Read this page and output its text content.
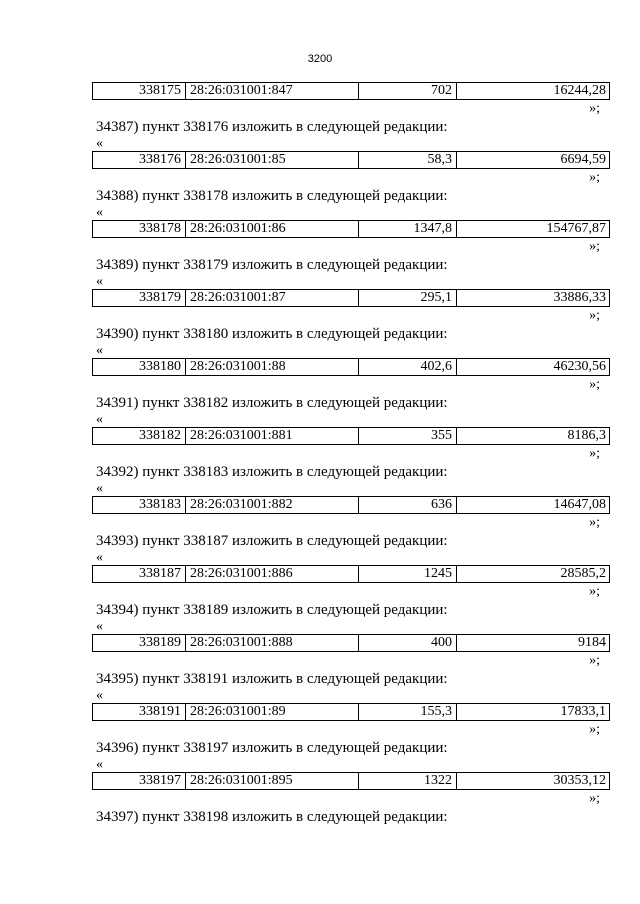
3200
338175 28:26:031001:847	702	16244,28
»;
34387) пункт 338176 изложить в следующей редакции:
«
338176 28:26:031001:85	58,3	6694,59
»;
34388) пункт 338178 изложить в следующей редакции:
«
338178 28:26:031001:86	1347,8	154767,87
»;
34389) пункт 338179 изложить в следующей редакции:
«
338179 28:26:031001:87	295,1	33886,33
»;
34390) пункт 338180 изложить в следующей редакции:
«
338180 28:26:031001:88	402,6	46230,56
»;
34391) пункт 338182 изложить в следующей редакции:
«
338182 28:26:031001:881	355	8186,3
»;
34392) пункт 338183 изложить в следующей редакции:
«
338183 28:26:031001:882	636	14647,08
»;
34393) пункт 338187 изложить в следующей редакции:
«
338187 28:26:031001:886	1245	28585,2
»;
34394) пункт 338189 изложить в следующей редакции:
«
338189 28:26:031001:888	400	9184
»;
34395) пункт 338191 изложить в следующей редакции:
«
338191 28:26:031001:89	155,3	17833,1
»;
34396) пункт 338197 изложить в следующей редакции:
«
338197 28:26:031001:895	1322	30353,12
»;
34397) пункт 338198 изложить в следующей редакции:
